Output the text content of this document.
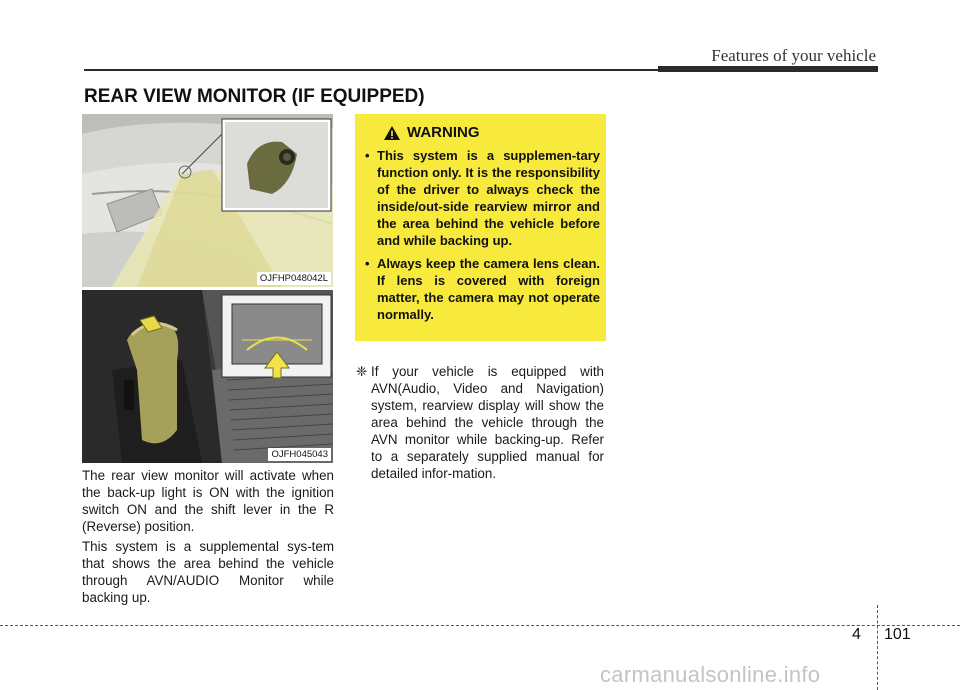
Features of your vehicle
REAR VIEW MONITOR (IF EQUIPPED)
OJFHP048042L
OJFH045043

The rear view monitor will activate when the back-up light is ON with the ignition switch ON and the shift lever in the R (Reverse) position.

This system is a supplemental sys-tem that shows the area behind the vehicle through AVN/AUDIO Monitor while backing up.

WARNING
• This system is a supplemen-tary function only. It is the responsibility of the driver to always check the inside/out-side rearview mirror and the area behind the vehicle before and while backing up.
• Always keep the camera lens clean. If lens is covered with foreign matter, the camera may not operate normally.
❈ If your vehicle is equipped with AVN(Audio, Video and Navigation) system, rearview display will show the area behind the vehicle through the AVN monitor while backing-up. Refer to a separately supplied manual for detailed infor-mation.
4 101
carmanualsonline.info
